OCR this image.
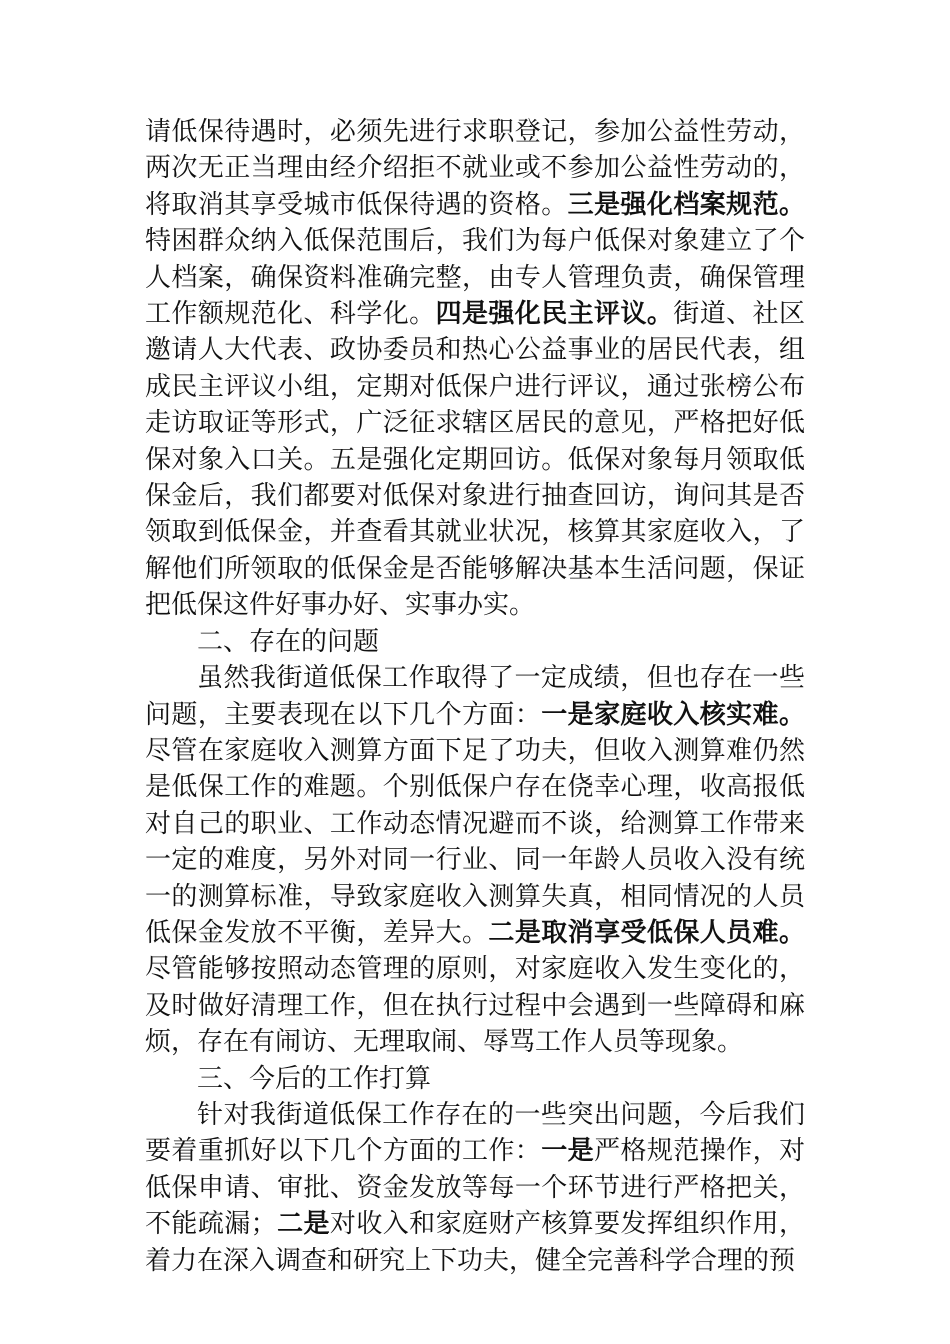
请低保待遇时，必须先进行求职登记，参加公益性劳动，两次无正当理由经介绍拒不就业或不参加公益性劳动的，将取消其享受城市低保待遇的资格。三是强化档案规范。特困群众纳入低保范围后，我们为每户低保对象建立了个人档案，确保资料准确完整，由专人管理负责，确保管理工作额规范化、科学化。四是强化民主评议。街道、社区邀请人大代表、政协委员和热心公益事业的居民代表，组成民主评议小组，定期对低保户进行评议，通过张榜公布走访取证等形式，广泛征求辖区居民的意见，严格把好低保对象入口关。五是强化定期回访。低保对象每月领取低保金后，我们都要对低保对象进行抽查回访，询问其是否领取到低保金，并查看其就业状况，核算其家庭收入，了解他们所领取的低保金是否能够解决基本生活问题，保证把低保这件好事办好、实事办实。

二、存在的问题

虽然我街道低保工作取得了一定成绩，但也存在一些问题，主要表现在以下几个方面：一是家庭收入核实难。尽管在家庭收入测算方面下足了功夫，但收入测算难仍然是低保工作的难题。个别低保户存在侥幸心理，收高报低对自己的职业、工作动态情况避而不谈，给测算工作带来一定的难度，另外对同一行业、同一年龄人员收入没有统一的测算标准，导致家庭收入测算失真，相同情况的人员低保金发放不平衡，差异大。二是取消享受低保人员难。尽管能够按照动态管理的原则，对家庭收入发生变化的，及时做好清理工作，但在执行过程中会遇到一些障碍和麻烦，存在有闹访、无理取闹、辱骂工作人员等现象。

三、今后的工作打算

针对我街道低保工作存在的一些突出问题，今后我们要着重抓好以下几个方面的工作：一是严格规范操作，对低保申请、审批、资金发放等每一个环节进行严格把关，不能疏漏；二是对收入和家庭财产核算要发挥组织作用，着力在深入调查和研究上下功夫，健全完善科学合理的预
